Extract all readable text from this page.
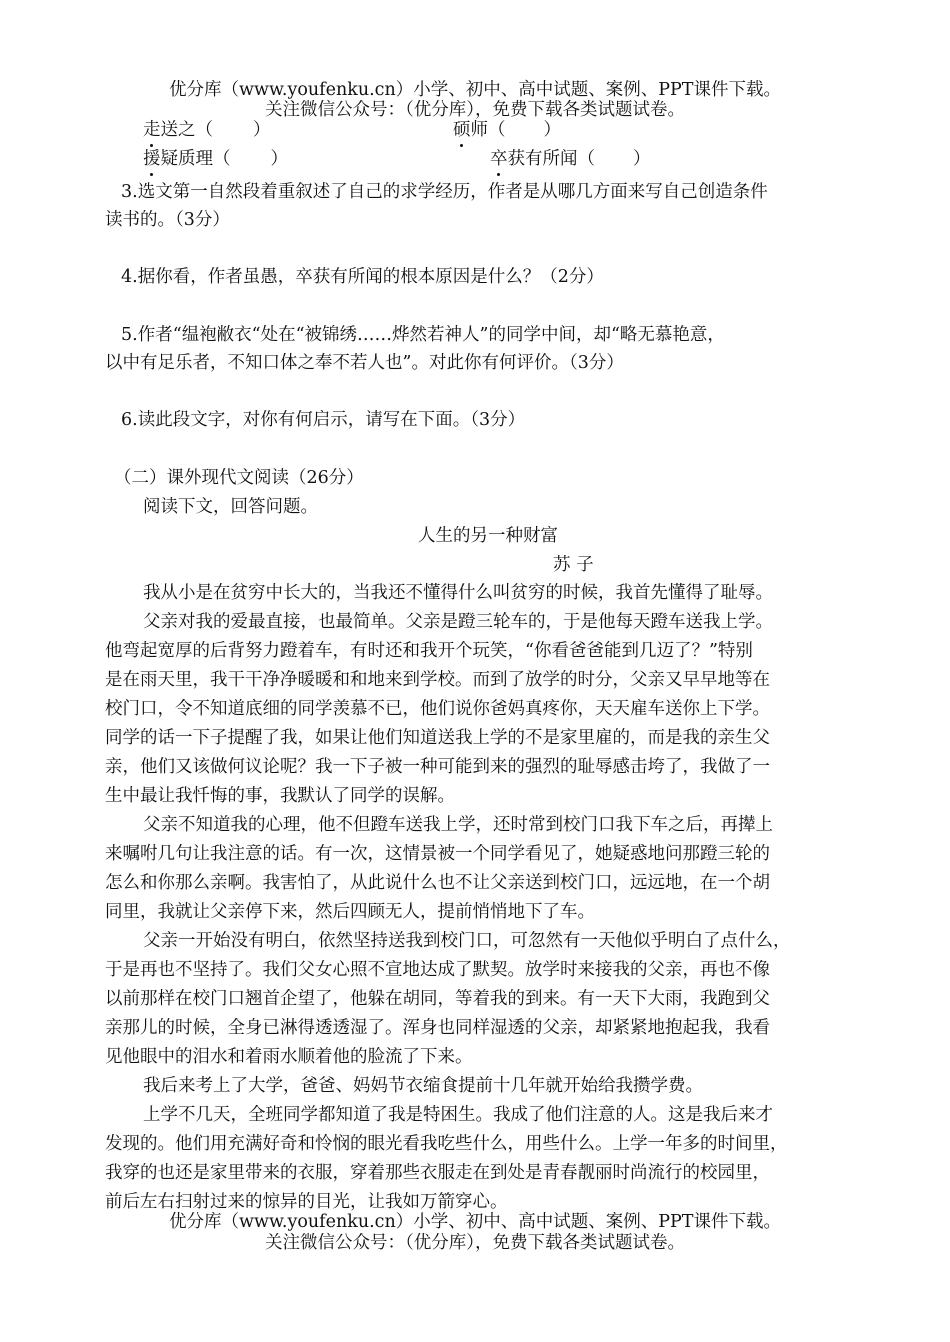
优分库（www.youfenku.cn）小学、初中、高中试题、案例、PPT课件下载。
关注微信公众号：（优分库），免费下载各类试题试卷。
走送之（ ）	硕师（ ）
援疑质理（ ）	卒获有所闻（ ）
3.选文第一自然段着重叙述了自己的求学经历，作者是从哪几方面来写自己创造条件
读书的。（3分）
4.据你看，作者虽愚，卒获有所闻的根本原因是什么？（2分）
5.作者“缊袍敝衣“处在“被锦绣……烨然若神人”的同学中间，却“略无慕艳意，
以中有足乐者，不知口体之奉不若人也”。对此你有何评价。（3分）
6.读此段文字，对你有何启示，请写在下面。（3分）
（二）课外现代文阅读（26分）
阅读下文，回答问题。
人生的另一种财富
苏 子
我从小是在贫穷中长大的，当我还不懂得什么叫贫穷的时候，我首先懂得了耻辱。
父亲对我的爱最直接，也最简单。父亲是蹬三轮车的，于是他每天蹬车送我上学。
他弯起宽厚的后背努力蹬着车，有时还和我开个玩笑，“你看爸爸能到几迈了？”特别
是在雨天里，我干干净净暖暖和和地来到学校。而到了放学的时分，父亲又早早地等在
校门口，令不知道底细的同学羡慕不已，他们说你爸妈真疼你，天天雇车送你上下学。
同学的话一下子提醒了我，如果让他们知道送我上学的不是家里雇的，而是我的亲生父
亲，他们又该做何议论呢？我一下子被一种可能到来的强烈的耻辱感击垮了，我做了一
生中最让我忏悔的事，我默认了同学的误解。
父亲不知道我的心理，他不但蹬车送我上学，还时常到校门口我下车之后，再撵上
来嘱咐几句让我注意的话。有一次，这情景被一个同学看见了，她疑惑地问那蹬三轮的
怎么和你那么亲啊。我害怕了，从此说什么也不让父亲送到校门口，远远地，在一个胡
同里，我就让父亲停下来，然后四顾无人，提前悄悄地下了车。
父亲一开始没有明白，依然坚持送我到校门口，可忽然有一天他似乎明白了点什么，
于是再也不坚持了。我们父女心照不宣地达成了默契。放学时来接我的父亲，再也不像
以前那样在校门口翘首企望了，他躲在胡同，等着我的到来。有一天下大雨，我跑到父
亲那儿的时候，全身已淋得透透湿了。浑身也同样湿透的父亲，却紧紧地抱起我，我看
见他眼中的泪水和着雨水顺着他的脸流了下来。
我后来考上了大学，爸爸、妈妈节衣缩食提前十几年就开始给我攒学费。
上学不几天，全班同学都知道了我是特困生。我成了他们注意的人。这是我后来才
发现的。他们用充满好奇和怜悯的眼光看我吃些什么，用些什么。上学一年多的时间里，
我穿的也还是家里带来的衣服，穿着那些衣服走在到处是青春靓丽时尚流行的校园里，
前后左右扫射过来的惊异的目光，让我如万箭穿心。
优分库（www.youfenku.cn）小学、初中、高中试题、案例、PPT课件下载。
关注微信公众号：（优分库），免费下载各类试题试卷。
